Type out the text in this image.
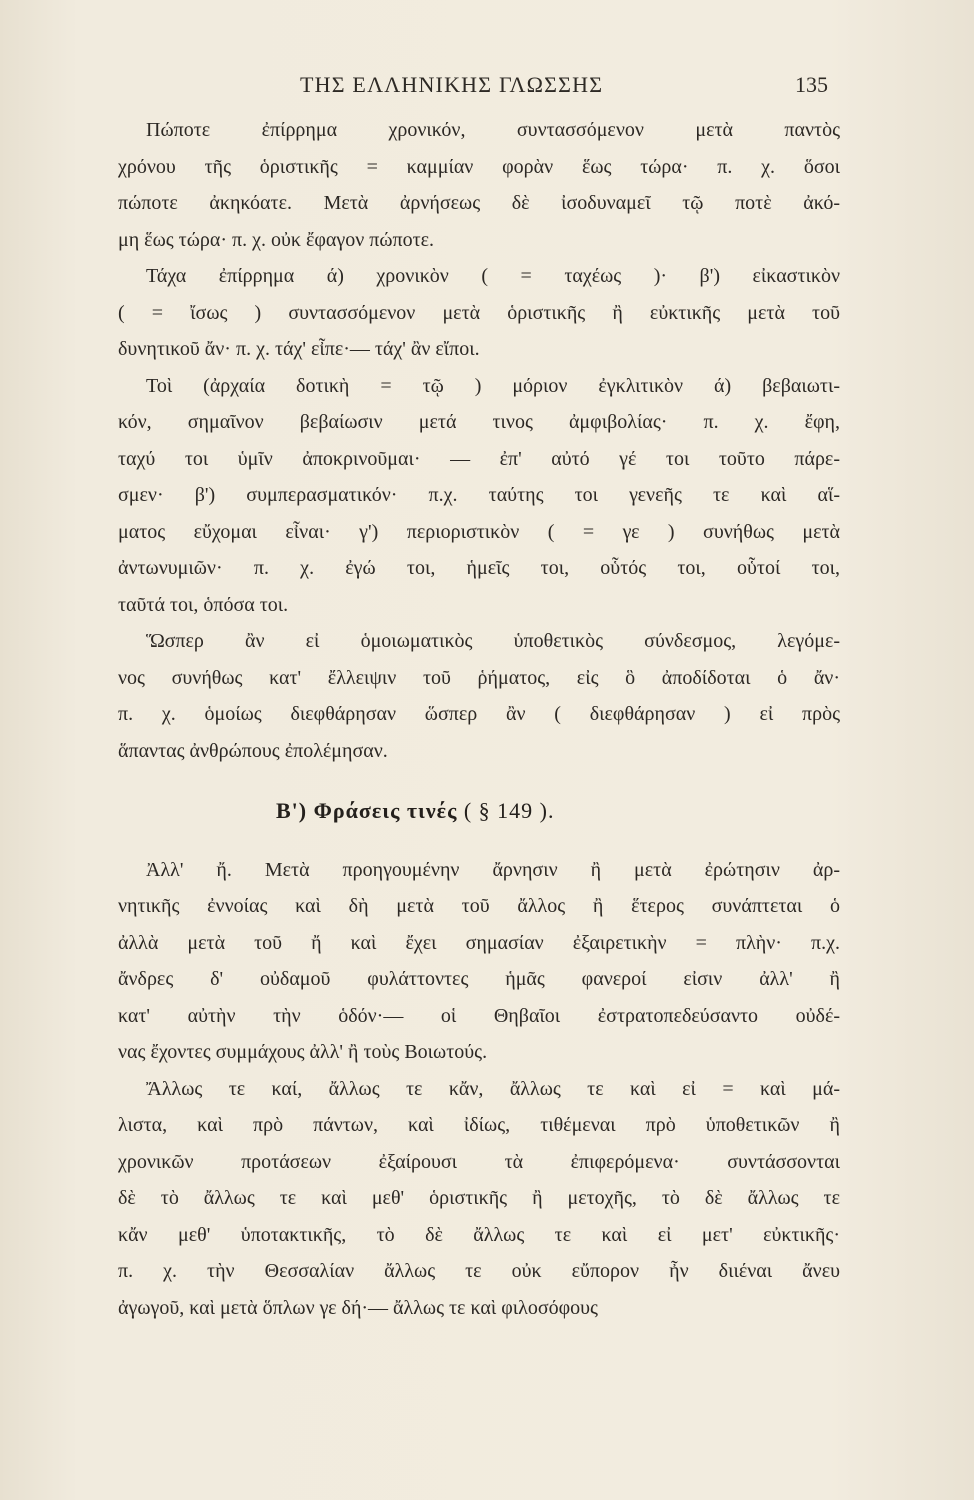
ΤΗΣ ΕΛΛΗΝΙΚΗΣ ΓΛΩΣΣΗΣ	135
Πώποτε ἐπίρρημα χρονικόν, συντασσόμενον μετὰ παντὸς
χρόνου τῆς ὁριστικῆς = καμμίαν φορὰν ἕως τώρα· π. χ. ὅσοι
πώποτε ἀκηκόατε. Μετὰ ἀρνήσεως δὲ ἰσοδυναμεῖ τῷ ποτὲ ἀκό-
μη ἕως τώρα· π. χ. οὐκ ἔφαγον πώποτε.
Τάχα ἐπίρρημα ά) χρονικὸν ( = ταχέως )· β') εἰκαστικὸν
( = ἴσως ) συντασσόμενον μετὰ ὁριστικῆς ἢ εὐκτικῆς μετὰ τοῦ
δυνητικοῦ ἄν· π. χ. τάχ' εἶπε·— τάχ' ἂν εἴποι.
Τοὶ (ἀρχαία δοτικὴ = τῷ ) μόριον ἐγκλιτικὸν ά) βεβαιωτι-
κόν, σημαῖνον βεβαίωσιν μετά τινος ἀμφιβολίας· π. χ. ἔφη,
ταχύ τοι ὑμῖν ἀποκρινοῦμαι· — ἐπ' αὐτό γέ τοι τοῦτο πάρε-
σμεν· β') συμπερασματικόν· π.χ. ταύτης τοι γενεῆς τε καὶ αἵ-
ματος εὔχομαι εἶναι· γ') περιοριστικὸν ( = γε ) συνήθως μετὰ
ἀντωνυμιῶν· π. χ. ἐγώ τοι, ἡμεῖς τοι, οὗτός τοι, οὗτοί τοι,
ταῦτά τοι, ὁπόσα τοι.
Ὥσπερ ἂν εἰ ὁμοιωματικὸς ὑποθετικὸς σύνδεσμος, λεγόμε-
νος συνήθως κατ' ἔλλειψιν τοῦ ῥήματος, εἰς ὃ ἀποδίδοται ὁ ἄν·
π. χ. ὁμοίως διεφθάρησαν ὥσπερ ἂν ( διεφθάρησαν ) εἰ πρὸς
ἅπαντας ἀνθρώπους ἐπολέμησαν.
Β') Φράσεις τινές ( § 149 ).
Ἀλλ' ἤ. Μετὰ προηγουμένην ἄρνησιν ἢ μετὰ ἐρώτησιν ἀρ-
νητικῆς ἐννοίας καὶ δὴ μετὰ τοῦ ἄλλος ἢ ἕτερος συνάπτεται ὁ
ἀλλὰ μετὰ τοῦ ἤ καὶ ἔχει σημασίαν ἐξαιρετικὴν = πλὴν· π.χ.
ἄνδρες δ' οὐδαμοῦ φυλάττοντες ἡμᾶς φανεροί εἰσιν ἀλλ' ἢ
κατ' αὐτὴν τὴν ὁδόν·— οἱ Θηβαῖοι ἐστρατοπεδεύσαντο οὐδέ-
νας ἔχοντες συμμάχους ἀλλ' ἢ τοὺς Βοιωτούς.
Ἄλλως τε καί, ἄλλως τε κἄν, ἄλλως τε καὶ εἰ = καὶ μά-
λιστα, καὶ πρὸ πάντων, καὶ ἰδίως, τιθέμεναι πρὸ ὑποθετικῶν ἢ
χρονικῶν προτάσεων ἐξαίρουσι τὰ ἐπιφερόμενα· συντάσσονται
δὲ τὸ ἄλλως τε καὶ μεθ' ὁριστικῆς ἢ μετοχῆς, τὸ δὲ ἄλλως τε
κἄν μεθ' ὑποτακτικῆς, τὸ δὲ ἄλλως τε καὶ εἰ μετ' εὐκτικῆς·
π. χ. τὴν Θεσσαλίαν ἄλλως τε οὐκ εὔπορον ἦν διιέναι ἄνευ
ἀγωγοῦ, καὶ μετὰ ὅπλων γε δή·— ἄλλως τε καὶ φιλοσόφους
